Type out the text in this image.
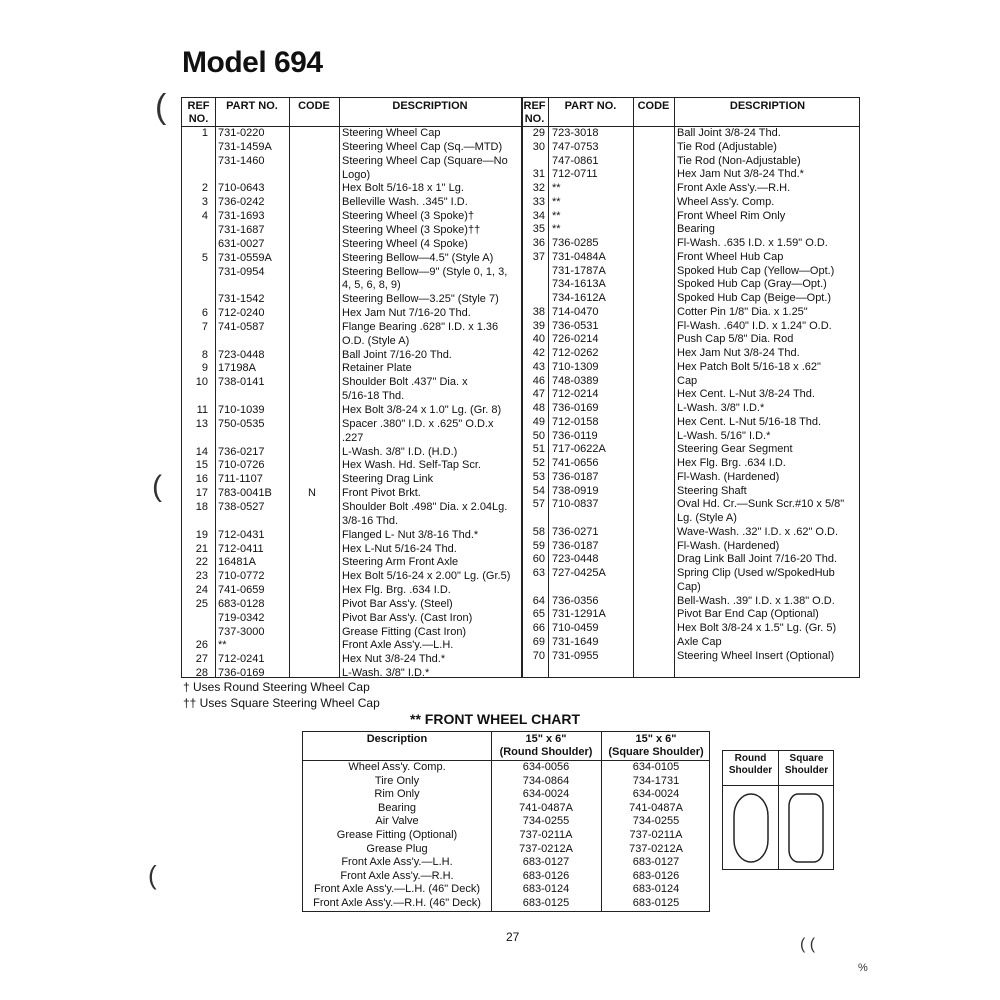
Model 694
(
(
(
REF NO.
PART NO.	CODE	DESCRIPTION	REF NO.
PART NO.	CODE	DESCRIPTION
1 731-0220	Steering Wheel Cap
731-1459A	Steering Wheel Cap (Sq.—MTD)
731-1460	Steering Wheel Cap (Square—No
Logo)
2 710-0643	Hex Bolt 5/16-18 x 1" Lg.
3 736-0242	Belleville Wash. .345" I.D.
4 731-1693	Steering Wheel (3 Spoke)†
731-1687	Steering Wheel (3 Spoke)††
631-0027	Steering Wheel (4 Spoke)
5 731-0559A	Steering Bellow—4.5" (Style A)
731-0954	Steering Bellow—9" (Style 0, 1, 3,
4, 5, 6, 8, 9)
731-1542	Steering Bellow—3.25" (Style 7)
6 712-0240	Hex Jam Nut 7/16-20 Thd.
7 741-0587	Flange Bearing .628" I.D. x 1.36
O.D. (Style A)
8 723-0448	Ball Joint 7/16-20 Thd.
9 17198A	Retainer Plate
10 738-0141	Shoulder Bolt .437" Dia. x
5/16-18 Thd.
11 710-1039	Hex Bolt 3/8-24 x 1.0" Lg. (Gr. 8)
13 750-0535	Spacer .380" I.D. x .625" O.D.x
.227
14 736-0217	L-Wash. 3/8" I.D. (H.D.)
15 710-0726	Hex Wash. Hd. Self-Tap Scr.
16 711-1107	Steering Drag Link
17 783-0041B	N Front Pivot Brkt.
18 738-0527	Shoulder Bolt .498" Dia. x 2.04Lg.
3/8-16 Thd.
19 712-0431	Flanged L- Nut 3/8-16 Thd.*
21 712-0411	Hex L-Nut 5/16-24 Thd.
22 16481A	Steering Arm Front Axle
23 710-0772	Hex Bolt 5/16-24 x 2.00" Lg. (Gr.5)
24 741-0659	Hex Flg. Brg. .634 I.D.
25 683-0128	Pivot Bar Ass'y. (Steel)
719-0342	Pivot Bar Ass'y. (Cast Iron)
737-3000	Grease Fitting (Cast Iron)
26 **	Front Axle Ass'y.—L.H.
27 712-0241	Hex Nut 3/8-24 Thd.*
28 736-0169	L-Wash. 3/8" I.D.*
29 723-3018	Ball Joint 3/8-24 Thd.
30 747-0753	Tie Rod (Adjustable)
747-0861	Tie Rod (Non-Adjustable)
31 712-0711	Hex Jam Nut 3/8-24 Thd.*
32 **	Front Axle Ass'y.—R.H.
33 **	Wheel Ass'y. Comp.
34 **	Front Wheel Rim Only
35 **	Bearing
36 736-0285	Fl-Wash. .635 I.D. x 1.59" O.D.
37 731-0484A	Front Wheel Hub Cap
731-1787A	Spoked Hub Cap (Yellow—Opt.)
734-1613A	Spoked Hub Cap (Gray—Opt.)
734-1612A	Spoked Hub Cap (Beige—Opt.)
38 714-0470	Cotter Pin 1/8" Dia. x 1.25"
39 736-0531	Fl-Wash. .640" I.D. x 1.24" O.D.
40 726-0214	Push Cap 5/8" Dia. Rod
42 712-0262	Hex Jam Nut 3/8-24 Thd.
43 710-1309	Hex Patch Bolt 5/16-18 x .62"
46 748-0389	Cap
47 712-0214	Hex Cent. L-Nut 3/8-24 Thd.
48 736-0169	L-Wash. 3/8" I.D.*
49 712-0158	Hex Cent. L-Nut 5/16-18 Thd.
50 736-0119	L-Wash. 5/16" I.D.*
51 717-0622A	Steering Gear Segment
52 741-0656	Hex Flg. Brg. .634 I.D.
53 736-0187	Fl-Wash. (Hardened)
54 738-0919	Steering Shaft
57 710-0837	Oval Hd. Cr.—Sunk Scr.#10 x 5/8"
Lg. (Style A)
58 736-0271	Wave-Wash. .32" I.D. x .62" O.D.
59 736-0187	Fl-Wash. (Hardened)
60 723-0448	Drag Link Ball Joint 7/16-20 Thd.
63 727-0425A	Spring Clip (Used w/SpokedHub
Cap)
64 736-0356	Bell-Wash. .39" I.D. x 1.38" O.D.
65 731-1291A	Pivot Bar End Cap (Optional)
66 710-0459	Hex Bolt 3/8-24 x 1.5" Lg. (Gr. 5)
69 731-1649	Axle Cap
70 731-0955	Steering Wheel Insert (Optional)
† Uses Round Steering Wheel Cap
†† Uses Square Steering Wheel Cap
** FRONT WHEEL CHART
Description	15" x 6"
(Round Shoulder)
15" x 6"
(Square Shoulder)
Wheel Ass'y. Comp.	634-0056	634-0105
Tire Only	734-0864	734-1731
Rim Only	634-0024	634-0024
Bearing	741-0487A	741-0487A
Air Valve	734-0255	734-0255
Grease Fitting (Optional)	737-0211A	737-0211A
Grease Plug	737-0212A	737-0212A
Front Axle Ass'y.—L.H.	683-0127	683-0127
Front Axle Ass'y.—R.H.	683-0126	683-0126
Front Axle Ass'y.—L.H. (46" Deck)	683-0124	683-0124
Front Axle Ass'y.—R.H. (46" Deck)	683-0125	683-0125
Round Shoulder
Square Shoulder
27	( (
%
